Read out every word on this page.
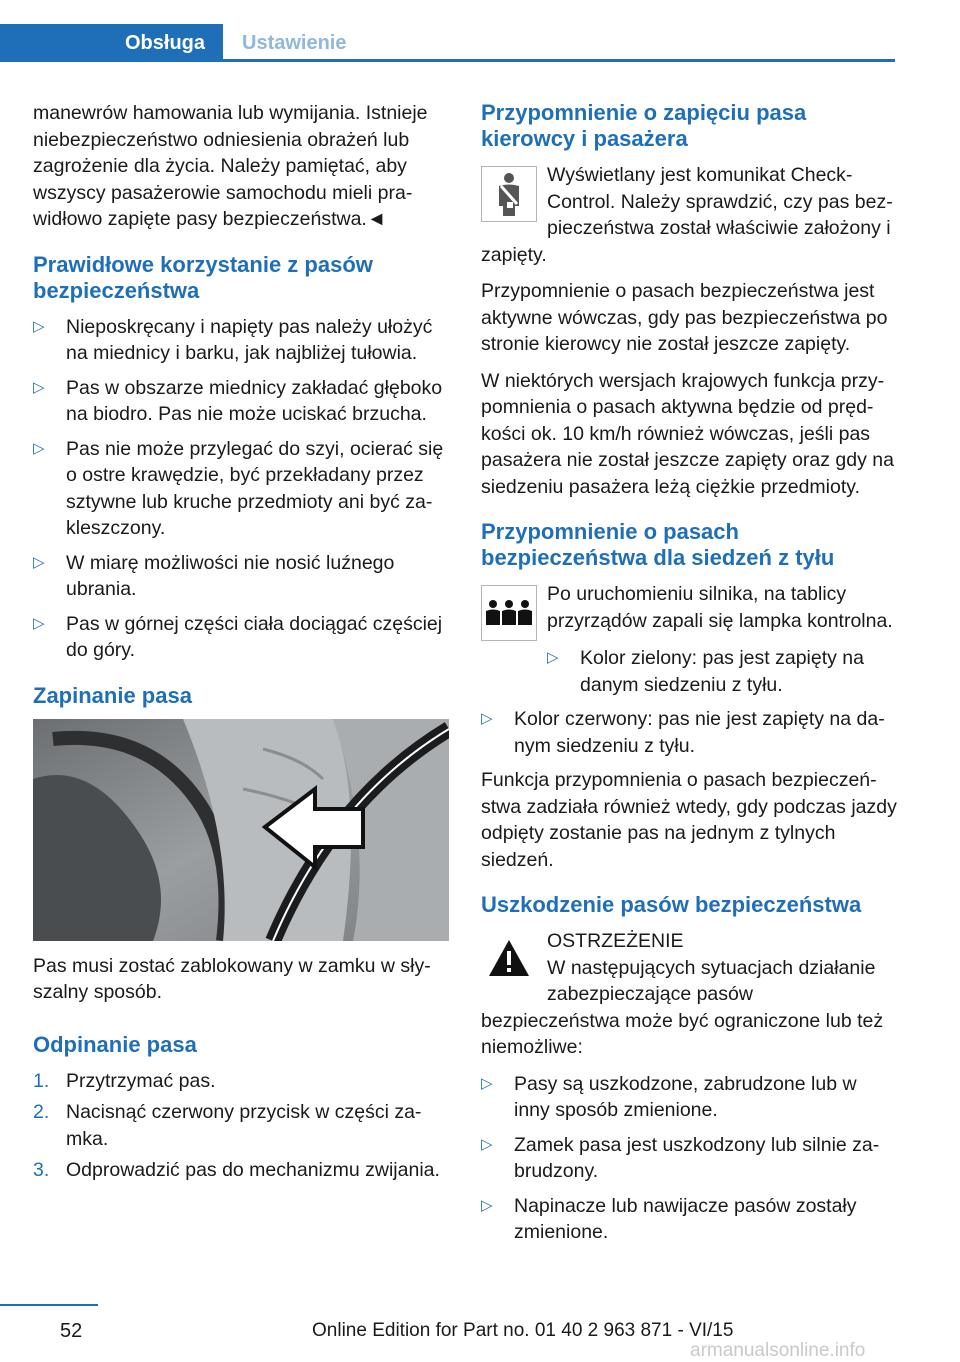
Obsługa	Ustawienie

manewrów hamowania lub wymijania. Istnieje niebezpieczeństwo odniesienia obrażeń lub zagrożenie dla życia. Należy pamiętać, aby wszyscy pasażerowie samochodu mieli pra-widłowo zapięte pasy bezpieczeństwa.◄

Prawidłowe korzystanie z pasów bezpieczeństwa
▷ Nieposkręcany i napięty pas należy ułożyć na miednicy i barku, jak najbliżej tułowia.
▷ Pas w obszarze miednicy zakładać głęboko na biodro. Pas nie może uciskać brzucha.
▷ Pas nie może przylegać do szyi, ocierać się o ostre krawędzie, być przekładany przez sztywne lub kruche przedmioty ani być za-kleszczony.
▷ W miarę możliwości nie nosić luźnego ubrania.
▷ Pas w górnej części ciała dociągać częściej do góry.
Zapinanie pasa

Pas musi zostać zablokowany w zamku w sły-szalny sposób.

Odpinanie pasa
1. Przytrzymać pas.
2. Nacisnąć czerwony przycisk w części za-mka.
3. Odprowadzić pas do mechanizmu zwijania.
Przypomnienie o zapięciu pasa kierowcy i pasażera

Wyświetlany jest komunikat Check-Control. Należy sprawdzić, czy pas bez-pieczeństwa został właściwie założony i zapięty.

Przypomnienie o pasach bezpieczeństwa jest aktywne wówczas, gdy pas bezpieczeństwa po stronie kierowcy nie został jeszcze zapięty.

W niektórych wersjach krajowych funkcja przy-pomnienia o pasach aktywna będzie od pręd-kości ok. 10 km/h również wówczas, jeśli pas pasażera nie został jeszcze zapięty oraz gdy na siedzeniu pasażera leżą ciężkie przedmioty.

Przypomnienie o pasach bezpieczeństwa dla siedzeń z tyłu

Po uruchomieniu silnika, na tablicy przyrządów zapali się lampka kontrolna.

▷ Kolor zielony: pas jest zapięty na danym siedzeniu z tyłu.
▷ Kolor czerwony: pas nie jest zapięty na da-nym siedzeniu z tyłu.

Funkcja przypomnienia o pasach bezpieczeń-stwa zadziała również wtedy, gdy podczas jazdy odpięty zostanie pas na jednym z tylnych siedzeń.

Uszkodzenie pasów bezpieczeństwa
OSTRZEŻENIE

W następujących sytuacjach działanie zabezpieczające pasów bezpieczeństwa może być ograniczone lub też niemożliwe:

▷ Pasy są uszkodzone, zabrudzone lub w inny sposób zmienione.
▷ Zamek pasa jest uszkodzony lub silnie za-brudzony.
▷ Napinacze lub nawijacze pasów zostały zmienione.
52	Online Edition for Part no. 01 40 2 963 871 - VI/15
armanualsonline.info
